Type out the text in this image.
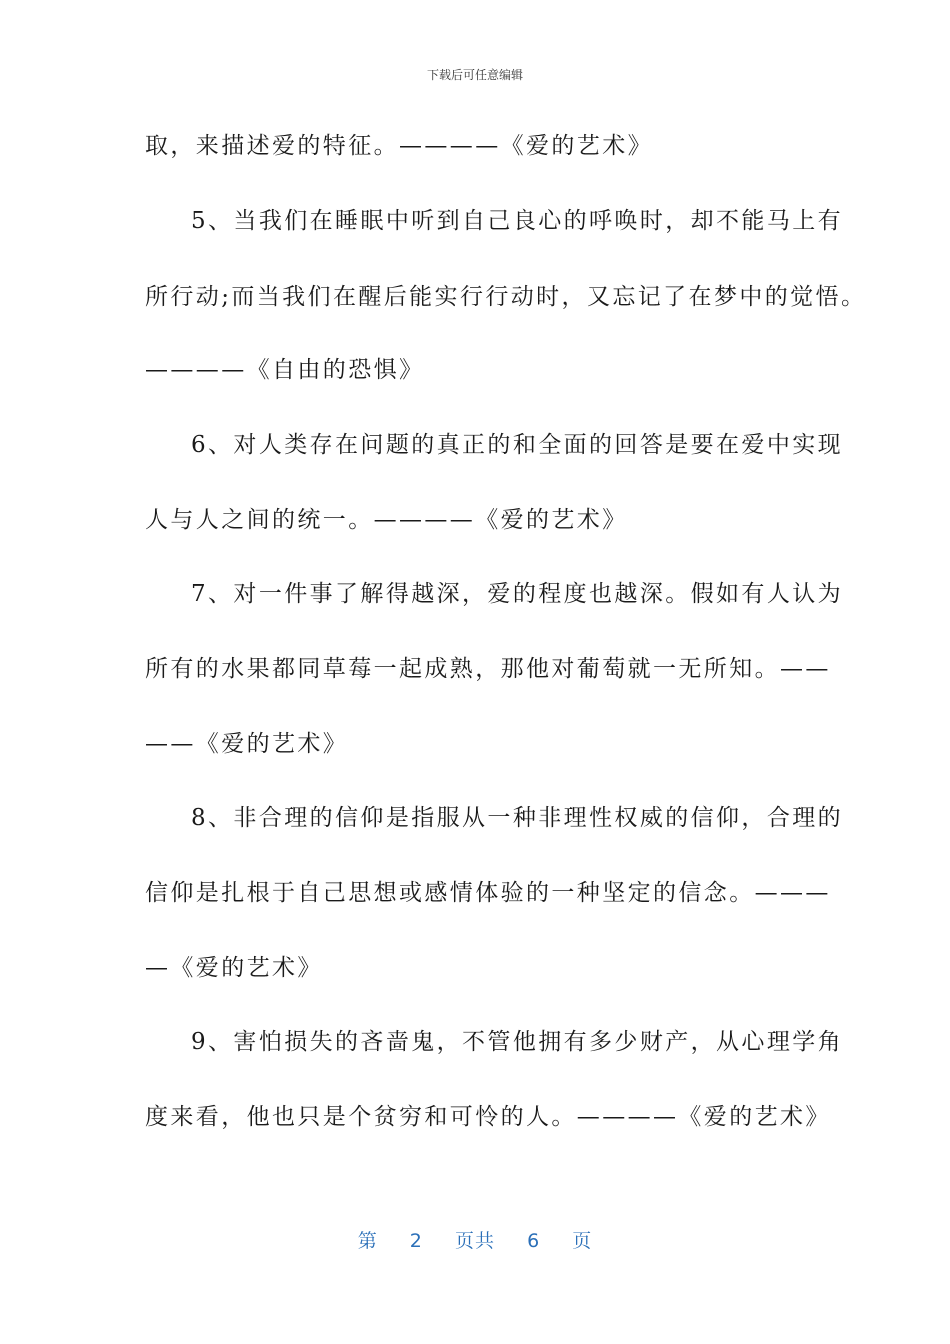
下载后可任意编辑
取，来描述爱的特征。————《爱的艺术》
5、当我们在睡眠中听到自己良心的呼唤时，却不能马上有
所行动;而当我们在醒后能实行行动时，又忘记了在梦中的觉悟。
————《自由的恐惧》
6、对人类存在问题的真正的和全面的回答是要在爱中实现
人与人之间的统一。————《爱的艺术》
7、对一件事了解得越深，爱的程度也越深。假如有人认为
所有的水果都同草莓一起成熟，那他对葡萄就一无所知。——
——《爱的艺术》
8、非合理的信仰是指服从一种非理性权威的信仰，合理的
信仰是扎根于自己思想或感情体验的一种坚定的信念。———
—《爱的艺术》
9、害怕损失的吝啬鬼，不管他拥有多少财产，从心理学角
度来看，他也只是个贫穷和可怜的人。————《爱的艺术》
第 2 页共 6 页
